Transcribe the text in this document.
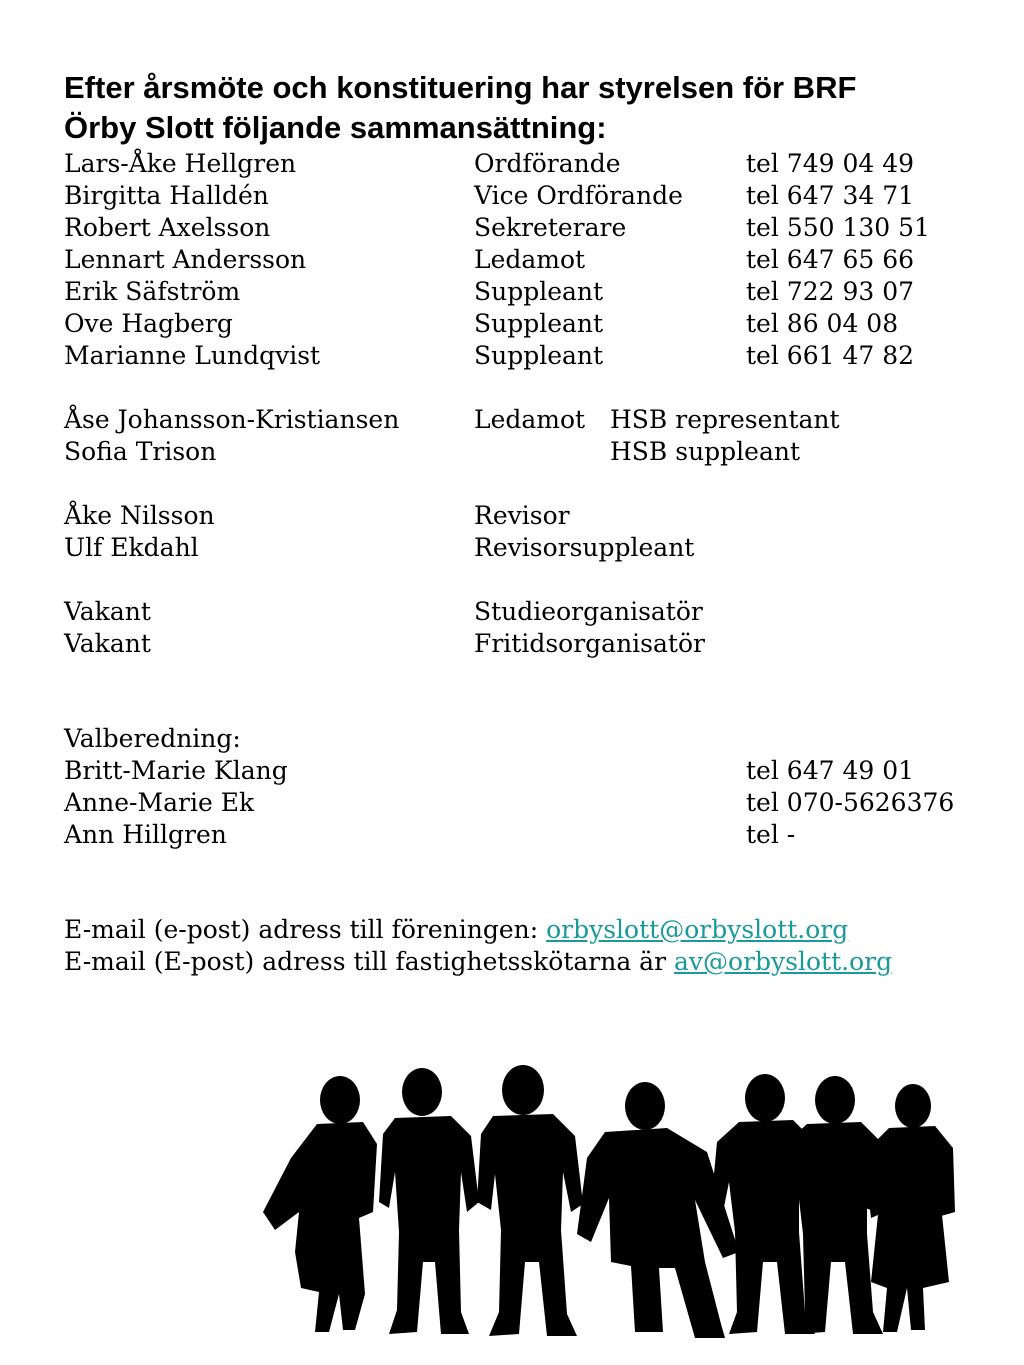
Efter årsmöte och konstituering har styrelsen för BRF
Örby Slott följande sammansättning:
Lars-Åke Hellgren	Ordförande	tel 749 04 49
Birgitta Halldén	Vice Ordförande	tel 647 34 71
Robert Axelsson	Sekreterare	tel 550 130 51
Lennart Andersson	Ledamot	tel 647 65 66
Erik Säfström	Suppleant	tel 722 93 07
Ove Hagberg	Suppleant	tel 86 04 08
Marianne Lundqvist	Suppleant	tel 661 47 82
Åse Johansson-Kristiansen	Ledamot HSB representant
Sofia Trison	HSB suppleant
Åke Nilsson	Revisor
Ulf Ekdahl	Revisorsuppleant
Vakant	Studieorganisatör
Vakant	Fritidsorganisatör
Valberedning:
Britt-Marie Klang	tel 647 49 01
Anne-Marie Ek	tel 070-5626376
Ann Hillgren	tel -
E-mail (e-post) adress till föreningen: orbyslott@orbyslott.org
E-mail (E-post) adress till fastighetsskötarna är av@orbyslott.org
